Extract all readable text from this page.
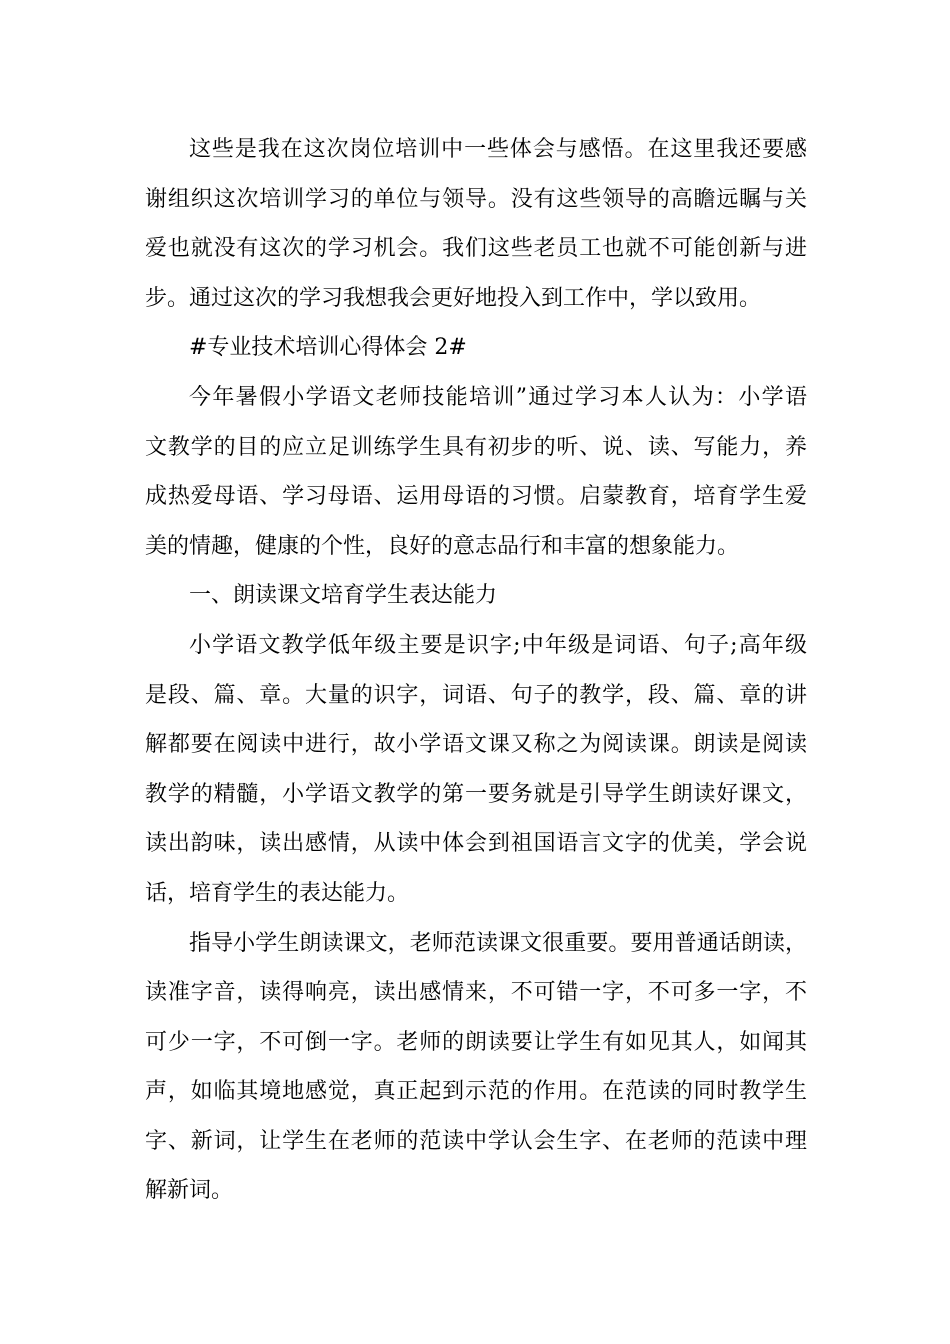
这些是我在这次岗位培训中一些体会与感悟。在这里我还要感
谢组织这次培训学习的单位与领导。没有这些领导的高瞻远瞩与关
爱也就没有这次的学习机会。我们这些老员工也就不可能创新与进
步。通过这次的学习我想我会更好地投入到工作中，学以致用。
#专业技术培训心得体会 2#
今年暑假小学语文老师技能培训”通过学习本人认为：小学语
文教学的目的应立足训练学生具有初步的听、说、读、写能力，养
成热爱母语、学习母语、运用母语的习惯。启蒙教育，培育学生爱
美的情趣，健康的个性，良好的意志品行和丰富的想象能力。
一、朗读课文培育学生表达能力
小学语文教学低年级主要是识字;中年级是词语、句子;高年级
是段、篇、章。大量的识字，词语、句子的教学，段、篇、章的讲
解都要在阅读中进行，故小学语文课又称之为阅读课。朗读是阅读
教学的精髓，小学语文教学的第一要务就是引导学生朗读好课文，
读出韵味，读出感情，从读中体会到祖国语言文字的优美，学会说
话，培育学生的表达能力。
指导小学生朗读课文，老师范读课文很重要。要用普通话朗读，
读准字音，读得响亮，读出感情来，不可错一字，不可多一字，不
可少一字，不可倒一字。老师的朗读要让学生有如见其人，如闻其
声，如临其境地感觉，真正起到示范的作用。在范读的同时教学生
字、新词，让学生在老师的范读中学认会生字、在老师的范读中理
解新词。
